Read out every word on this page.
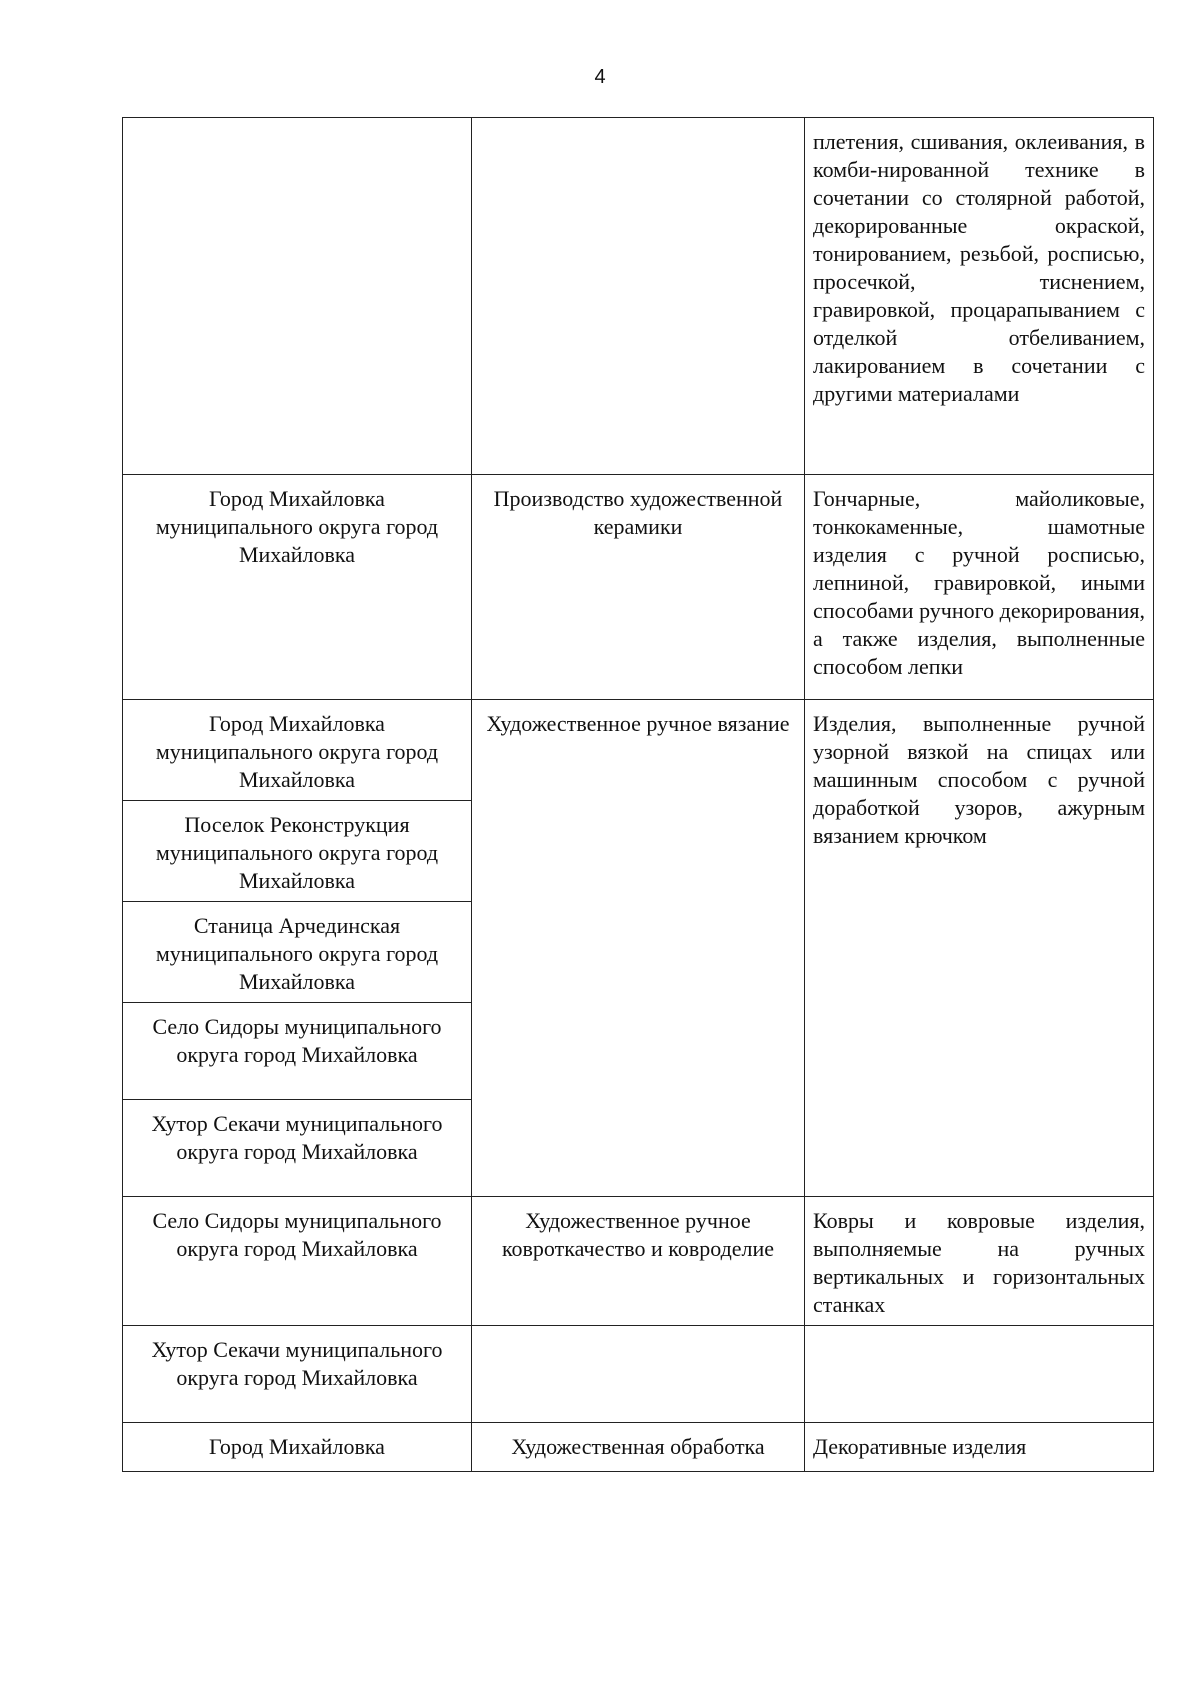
4
		плетения, сшивания, оклеивания, в комби-нированной технике в сочетании со столярной работой, декорированные окраской, тонированием, резьбой, росписью, просечкой, тиснением, гравировкой, процарапыванием с отделкой отбеливанием, лакированием в сочетании с другими материалами
Город Михайловка муниципального округа город Михайловка	Производство художественной керамики	Гончарные, майоликовые, тонкокаменные, шамотные изделия с ручной росписью, лепниной, гравировкой, иными способами ручного декорирования, а также изделия, выполненные способом лепки
Город Михайловка муниципального округа город Михайловка	Художественное ручное вязание	Изделия, выполненные ручной узорной вязкой на спицах или машинным способом с ручной доработкой узоров, ажурным вязанием крючком
Поселок Реконструкция муниципального округа город Михайловка		
Станица Арчединская муниципального округа город Михайловка		
Село Сидоры муниципального округа город Михайловка		
Хутор Секачи муниципального округа город Михайловка		
Село Сидоры муниципального округа город Михайловка	Художественное ручное ковроткачество и ковроделие	Ковры и ковровые изделия, выполняемые на ручных вертикальных и горизонтальных станках
Хутор Секачи муниципального округа город Михайловка		
Город Михайловка	Художественная обработка	Декоративные изделия
